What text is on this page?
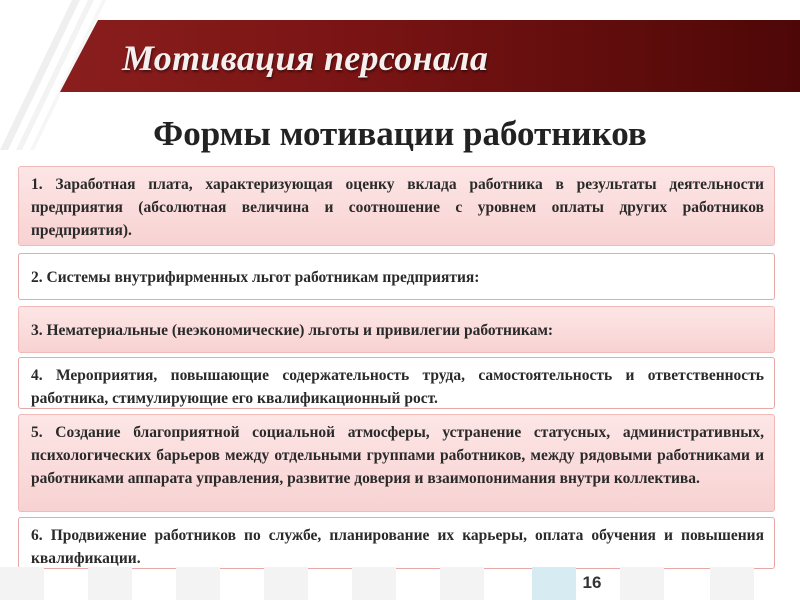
Мотивация персонала
Формы мотивации работников
1. Заработная плата, характеризующая оценку вклада работника в результаты деятельности предприятия (абсолютная величина и соотношение с уровнем оплаты других работников предприятия).
2. Системы внутрифирменных льгот работникам предприятия:
3. Нематериальные (неэкономические) льготы и привилегии работникам:
4. Мероприятия, повышающие содержательность труда, самостоятельность и ответственность работника, стимулирующие его квалификационный рост.
5. Создание благоприятной социальной атмосферы, устранение статусных, административных, психологических барьеров между отдельными группами работников, между рядовыми работниками и работниками аппарата управления, развитие доверия и взаимопонимания внутри коллектива.
6. Продвижение работников по службе, планирование их карьеры, оплата обучения и повышения квалификации.
16
